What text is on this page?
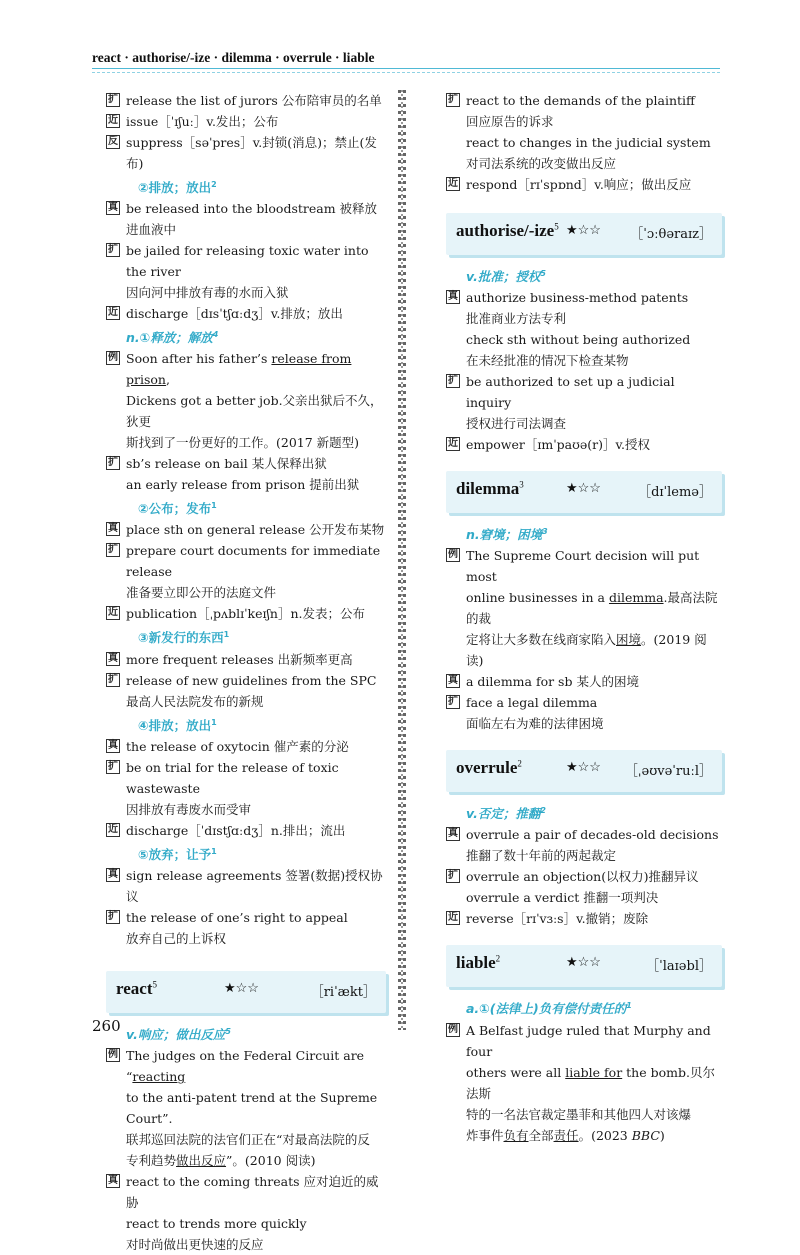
react · authorise/-ize · dilemma · overrule · liable
扩 release the list of jurors 公布陪审员的名单
近 issue［ˈɪʃuː］v.发出；公布
反 suppress［səˈpres］v.封锁(消息)；禁止(发布)
②排放；放出$^2$
真 be released into the bloodstream 被释放进血液中
扩 be jailed for releasing toxic water into the river
因向河中排放有毒的水而入狱
近 discharge［dɪsˈtʃɑːdʒ］v.排放；放出
n.①释放；解放$^4$
例 Soon after his father’s release from prison,
Dickens got a better job.父亲出狱后不久，狄更
斯找到了一份更好的工作。(2017 新题型)
扩 sb’s release on bail 某人保释出狱
an early release from prison 提前出狱
②公布；发布$^1$
真 place sth on general release 公开发布某物
扩 prepare court documents for immediate release
准备要立即公开的法庭文件
近 publication［ˌpʌblɪˈkeɪʃn］n.发表；公布
③新发行的东西$^1$
真 more frequent releases 出新频率更高
扩 release of new guidelines from the SPC
最高人民法院发布的新规
④排放；放出$^1$
真 the release of oxytocin 催产素的分泌
扩 be on trial for the release of toxic wastewaste
因排放有毒废水而受审
近 discharge［ˈdɪstʃɑːdʒ］n.排出；流出
⑤放弃；让予$^1$
真 sign release agreements 签署(数据)授权协议
扩 the release of one’s right to appeal
放弃自己的上诉权
react$^5$	★☆☆	［riˈækt］
v.响应；做出反应$^5$
例 The judges on the Federal Circuit are “reacting
to the anti-patent trend at the Supreme Court”.
联邦巡回法院的法官们正在“对最高法院的反
专利趋势做出反应”。(2010 阅读)
真 react to the coming threats 应对迫近的威胁
react to trends more quickly
对时尚做出更快速的反应
扩 react to the demands of the plaintiff
回应原告的诉求
react to changes in the judicial system
对司法系统的改变做出反应
近 respond［rɪˈspɒnd］v.响应；做出反应
authorise/-ize$^5$ ★☆☆ ［ˈɔːθəraɪz］
v.批准；授权$^5$
真 authorize business-method patents
批准商业方法专利
check sth without being authorized
在未经批准的情况下检查某物
扩 be authorized to set up a judicial inquiry
授权进行司法调查
近 empower［ɪmˈpaʊə(r)］v.授权
dilemma$^3$	★☆☆	［dɪˈlemə］
n.窘境；困境$^3$
例 The Supreme Court decision will put most
online businesses in a dilemma.最高法院的裁
定将让大多数在线商家陷入困境。(2019 阅读)
真 a dilemma for sb 某人的困境
扩 face a legal dilemma
面临左右为难的法律困境
overrule$^2$	★☆☆ ［ˌəʊvəˈruːl］
v.否定；推翻$^2$
真 overrule a pair of decades-old decisions
推翻了数十年前的两起裁定
扩 overrule an objection(以权力)推翻异议
overrule a verdict 推翻一项判决
近 reverse［rɪˈvɜːs］v.撤销；废除
liable$^2$	★☆☆	［ˈlaɪəbl］
a.①(法律上)负有偿付责任的$^1$
例 A Belfast judge ruled that Murphy and four
others were all liable for the bomb.贝尔法斯
特的一名法官裁定墨菲和其他四人对该爆
炸事件负有全部责任。(2023 BBC)
260
